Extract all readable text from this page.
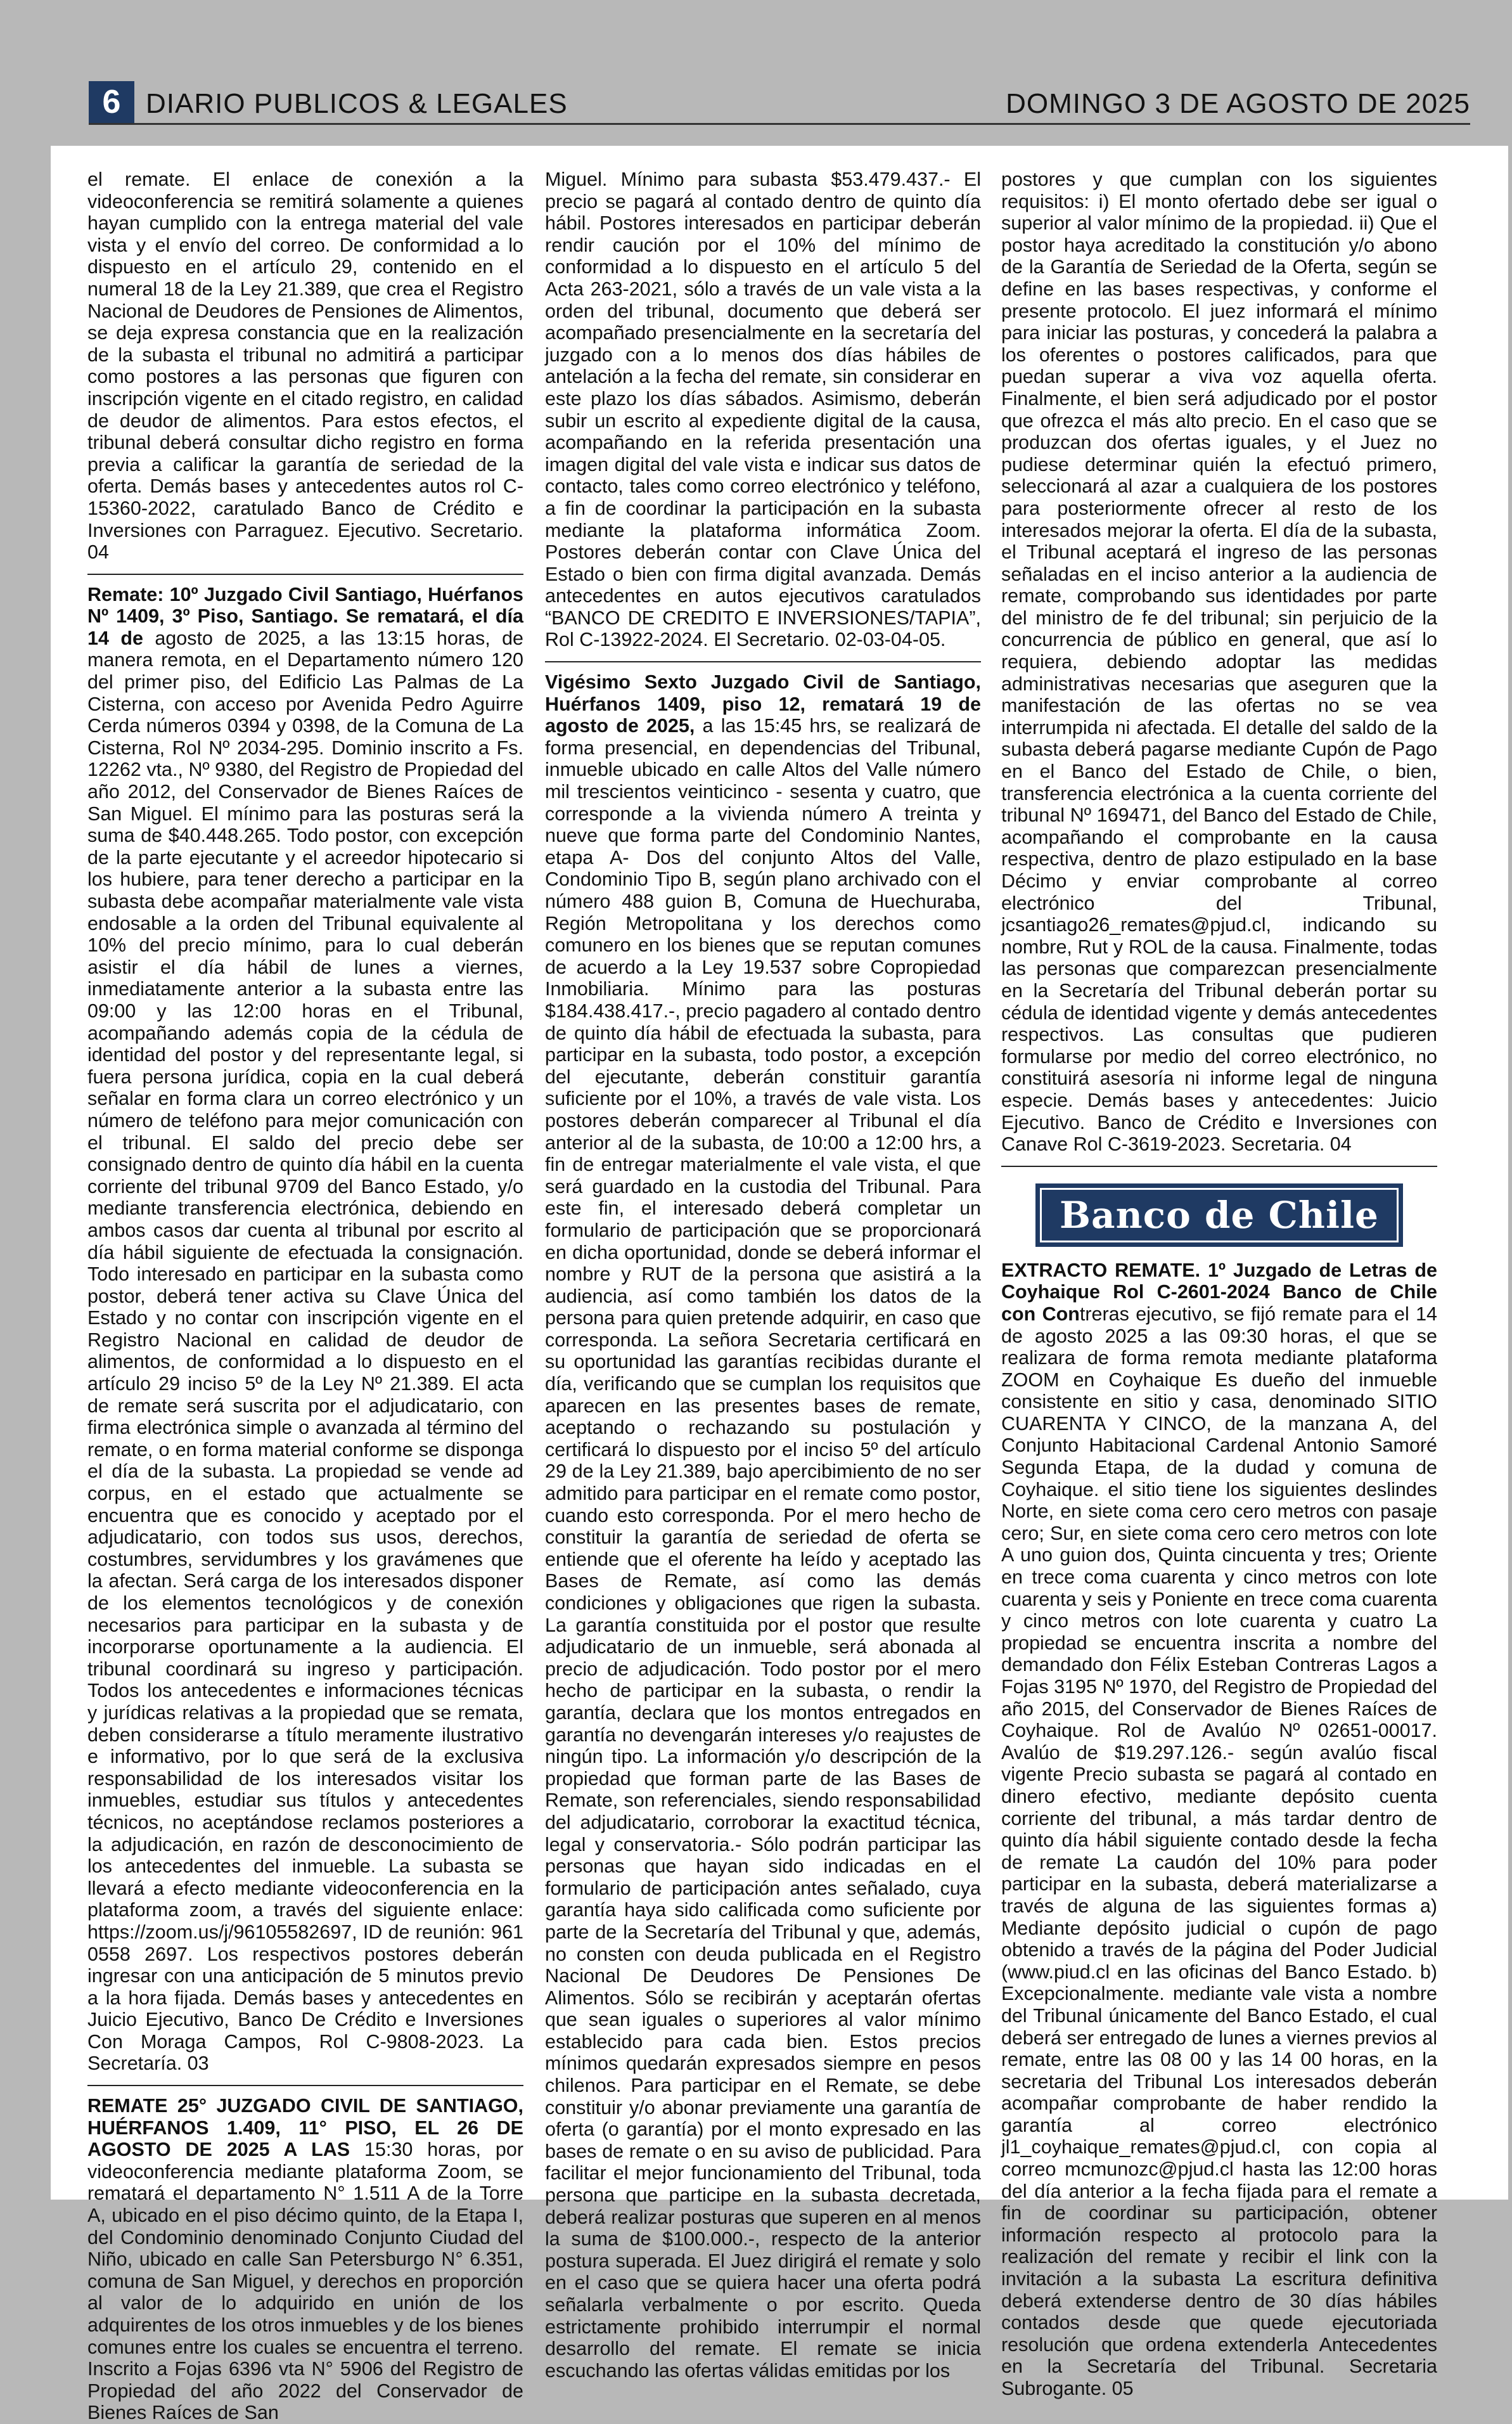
6 DIARIO PUBLICOS & LEGALES	DOMINGO 3 DE AGOSTO DE 2025

el remate. El enlace de conexión a la videoconferencia se remitirá solamente a quienes hayan cumplido con la entrega material del vale vista y el envío del correo. De conformidad a lo dispuesto en el artículo 29, contenido en el numeral 18 de la Ley 21.389, que crea el Registro Nacional de Deudores de Pensiones de Alimentos, se deja expresa constancia que en la realización de la subasta el tribunal no admitirá a participar como postores a las personas que figuren con inscripción vigente en el citado registro, en calidad de deudor de alimentos. Para estos efectos, el tribunal deberá consultar dicho registro en forma previa a calificar la garantía de seriedad de la oferta. Demás bases y antecedentes autos rol C-15360-2022, caratulado Banco de Crédito e Inversiones con Parraguez. Ejecutivo. Secretario. 04

Remate: 10º Juzgado Civil Santiago, Huérfanos Nº 1409, 3º Piso, Santiago. Se rematará, el día 14 de agosto de 2025, a las 13:15 horas, de manera remota, en el Departamento número 120 del primer piso, del Edificio Las Palmas de La Cisterna, con acceso por Avenida Pedro Aguirre Cerda números 0394 y 0398, de la Comuna de La Cisterna, Rol Nº 2034-295. Dominio inscrito a Fs. 12262 vta., Nº 9380, del Registro de Propiedad del año 2012, del Conservador de Bienes Raíces de San Miguel. El mínimo para las posturas será la suma de $40.448.265. Todo postor, con excepción de la parte ejecutante y el acreedor hipotecario si los hubiere, para tener derecho a participar en la subasta debe acompañar materialmente vale vista endosable a la orden del Tribunal equivalente al 10% del precio mínimo, para lo cual deberán asistir el día hábil de lunes a viernes, inmediatamente anterior a la subasta entre las 09:00 y las 12:00 horas en el Tribunal, acompañando además copia de la cédula de identidad del postor y del representante legal, si fuera persona jurídica, copia en la cual deberá señalar en forma clara un correo electrónico y un número de teléfono para mejor comunicación con el tribunal. El saldo del precio debe ser consignado dentro de quinto día hábil en la cuenta corriente del tribunal 9709 del Banco Estado, y/o mediante transferencia electrónica, debiendo en ambos casos dar cuenta al tribunal por escrito al día hábil siguiente de efectuada la consignación. Todo interesado en participar en la subasta como postor, deberá tener activa su Clave Única del Estado y no contar con inscripción vigente en el Registro Nacional en calidad de deudor de alimentos, de conformidad a lo dispuesto en el artículo 29 inciso 5º de la Ley Nº 21.389. El acta de remate será suscrita por el adjudicatario, con firma electrónica simple o avanzada al término del remate, o en forma material conforme se disponga el día de la subasta. La propiedad se vende ad corpus, en el estado que actualmente se encuentra que es conocido y aceptado por el adjudicatario, con todos sus usos, derechos, costumbres, servidumbres y los gravámenes que la afectan. Será carga de los interesados disponer de los elementos tecnológicos y de conexión necesarios para participar en la subasta y de incorporarse oportunamente a la audiencia. El tribunal coordinará su ingreso y participación. Todos los antecedentes e informaciones técnicas y jurídicas relativas a la propiedad que se remata, deben considerarse a título meramente ilustrativo e informativo, por lo que será de la exclusiva responsabilidad de los interesados visitar los inmuebles, estudiar sus títulos y antecedentes técnicos, no aceptándose reclamos posteriores a la adjudicación, en razón de desconocimiento de los antecedentes del inmueble. La subasta se llevará a efecto mediante videoconferencia en la plataforma zoom, a través del siguiente enlace: https://zoom.us/j/96105582697, ID de reunión: 961 0558 2697. Los respectivos postores deberán ingresar con una anticipación de 5 minutos previo a la hora fijada. Demás bases y antecedentes en Juicio Ejecutivo, Banco De Crédito e Inversiones Con Moraga Campos, Rol C-9808-2023. La Secretaría. 03

REMATE 25° JUZGADO CIVIL DE SANTIAGO, HUÉRFANOS 1.409, 11° PISO, EL 26 DE AGOSTO DE 2025 A LAS 15:30 horas, por videoconferencia mediante plataforma Zoom, se rematará el departamento N° 1.511 A de la Torre A, ubicado en el piso décimo quinto, de la Etapa I, del Condominio denominado Conjunto Ciudad del Niño, ubicado en calle San Petersburgo N° 6.351, comuna de San Miguel, y derechos en proporción al valor de lo adquirido en unión de los adquirentes de los otros inmuebles y de los bienes comunes entre los cuales se encuentra el terreno. Inscrito a Fojas 6396 vta N° 5906 del Registro de Propiedad del año 2022 del Conservador de Bienes Raíces de San

Miguel. Mínimo para subasta $53.479.437.- El precio se pagará al contado dentro de quinto día hábil. Postores interesados en participar deberán rendir caución por el 10% del mínimo de conformidad a lo dispuesto en el artículo 5 del Acta 263-2021, sólo a través de un vale vista a la orden del tribunal, documento que deberá ser acompañado presencialmente en la secretaría del juzgado con a lo menos dos días hábiles de antelación a la fecha del remate, sin considerar en este plazo los días sábados. Asimismo, deberán subir un escrito al expediente digital de la causa, acompañando en la referida presentación una imagen digital del vale vista e indicar sus datos de contacto, tales como correo electrónico y teléfono, a fin de coordinar la participación en la subasta mediante la plataforma informática Zoom. Postores deberán contar con Clave Única del Estado o bien con firma digital avanzada. Demás antecedentes en autos ejecutivos caratulados “BANCO DE CREDITO E INVERSIONES/TAPIA”, Rol C-13922-2024. El Secretario. 02-03-04-05.

Vigésimo Sexto Juzgado Civil de Santiago, Huérfanos 1409, piso 12, rematará 19 de agosto de 2025, a las 15:45 hrs, se realizará de forma presencial, en dependencias del Tribunal, inmueble ubicado en calle Altos del Valle número mil trescientos veinticinco - sesenta y cuatro, que corresponde a la vivienda número A treinta y nueve que forma parte del Condominio Nantes, etapa A- Dos del conjunto Altos del Valle, Condominio Tipo B, según plano archivado con el número 488 guion B, Comuna de Huechuraba, Región Metropolitana y los derechos como comunero en los bienes que se reputan comunes de acuerdo a la Ley 19.537 sobre Copropiedad Inmobiliaria. Mínimo para las posturas $184.438.417.-, precio pagadero al contado dentro de quinto día hábil de efectuada la subasta, para participar en la subasta, todo postor, a excepción del ejecutante, deberán constituir garantía suficiente por el 10%, a través de vale vista. Los postores deberán comparecer al Tribunal el día anterior al de la subasta, de 10:00 a 12:00 hrs, a fin de entregar materialmente el vale vista, el que será guardado en la custodia del Tribunal. Para este fin, el interesado deberá completar un formulario de participación que se proporcionará en dicha oportunidad, donde se deberá informar el nombre y RUT de la persona que asistirá a la audiencia, así como también los datos de la persona para quien pretende adquirir, en caso que corresponda. La señora Secretaria certificará en su oportunidad las garantías recibidas durante el día, verificando que se cumplan los requisitos que aparecen en las presentes bases de remate, aceptando o rechazando su postulación y certificará lo dispuesto por el inciso 5º del artículo 29 de la Ley 21.389, bajo apercibimiento de no ser admitido para participar en el remate como postor, cuando esto corresponda. Por el mero hecho de constituir la garantía de seriedad de oferta se entiende que el oferente ha leído y aceptado las Bases de Remate, así como las demás condiciones y obligaciones que rigen la subasta. La garantía constituida por el postor que resulte adjudicatario de un inmueble, será abonada al precio de adjudicación. Todo postor por el mero hecho de participar en la subasta, o rendir la garantía, declara que los montos entregados en garantía no devengarán intereses y/o reajustes de ningún tipo. La información y/o descripción de la propiedad que forman parte de las Bases de Remate, son referenciales, siendo responsabilidad del adjudicatario, corroborar la exactitud técnica, legal y conservatoria.- Sólo podrán participar las personas que hayan sido indicadas en el formulario de participación antes señalado, cuya garantía haya sido calificada como suficiente por parte de la Secretaría del Tribunal y que, además, no consten con deuda publicada en el Registro Nacional De Deudores De Pensiones De Alimentos. Sólo se recibirán y aceptarán ofertas que sean iguales o superiores al valor mínimo establecido para cada bien. Estos precios mínimos quedarán expresados siempre en pesos chilenos. Para participar en el Remate, se debe constituir y/o abonar previamente una garantía de oferta (o garantía) por el monto expresado en las bases de remate o en su aviso de publicidad. Para facilitar el mejor funcionamiento del Tribunal, toda persona que participe en la subasta decretada, deberá realizar posturas que superen en al menos la suma de $100.000.-, respecto de la anterior postura superada. El Juez dirigirá el remate y solo en el caso que se quiera hacer una oferta podrá señalarla verbalmente o por escrito. Queda estrictamente prohibido interrumpir el normal desarrollo del remate. El remate se inicia escuchando las ofertas válidas emitidas por los

postores y que cumplan con los siguientes requisitos: i) El monto ofertado debe ser igual o superior al valor mínimo de la propiedad. ii) Que el postor haya acreditado la constitución y/o abono de la Garantía de Seriedad de la Oferta, según se define en las bases respectivas, y conforme el presente protocolo. El juez informará el mínimo para iniciar las posturas, y concederá la palabra a los oferentes o postores calificados, para que puedan superar a viva voz aquella oferta. Finalmente, el bien será adjudicado por el postor que ofrezca el más alto precio. En el caso que se produzcan dos ofertas iguales, y el Juez no pudiese determinar quién la efectuó primero, seleccionará al azar a cualquiera de los postores para posteriormente ofrecer al resto de los interesados mejorar la oferta. El día de la subasta, el Tribunal aceptará el ingreso de las personas señaladas en el inciso anterior a la audiencia de remate, comprobando sus identidades por parte del ministro de fe del tribunal; sin perjuicio de la concurrencia de público en general, que así lo requiera, debiendo adoptar las medidas administrativas necesarias que aseguren que la manifestación de las ofertas no se vea interrumpida ni afectada. El detalle del saldo de la subasta deberá pagarse mediante Cupón de Pago en el Banco del Estado de Chile, o bien, transferencia electrónica a la cuenta corriente del tribunal Nº 169471, del Banco del Estado de Chile, acompañando el comprobante en la causa respectiva, dentro de plazo estipulado en la base Décimo y enviar comprobante al correo electrónico del Tribunal, jcsantiago26_remates@pjud.cl, indicando su nombre, Rut y ROL de la causa. Finalmente, todas las personas que comparezcan presencialmente en la Secretaría del Tribunal deberán portar su cédula de identidad vigente y demás antecedentes respectivos. Las consultas que pudieren formularse por medio del correo electrónico, no constituirá asesoría ni informe legal de ninguna especie. Demás bases y antecedentes: Juicio Ejecutivo. Banco de Crédito e Inversiones con Canave Rol C-3619-2023. Secretaria. 04

Banco de Chile

EXTRACTO REMATE. 1º Juzgado de Letras de Coyhaique Rol C-2601-2024 Banco de Chile con Contreras ejecutivo, se fijó remate para el 14 de agosto 2025 a las 09:30 horas, el que se realizara de forma remota mediante plataforma ZOOM en Coyhaique Es dueño del inmueble consistente en sitio y casa, denominado SITIO CUARENTA Y CINCO, de la manzana A, del Conjunto Habitacional Cardenal Antonio Samoré Segunda Etapa, de la dudad y comuna de Coyhaique. el sitio tiene los siguientes deslindes Norte, en siete coma cero cero metros con pasaje cero; Sur, en siete coma cero cero metros con lote A uno guion dos, Quinta cincuenta y tres; Oriente en trece coma cuarenta y cinco metros con lote cuarenta y seis y Poniente en trece coma cuarenta y cinco metros con lote cuarenta y cuatro La propiedad se encuentra inscrita a nombre del demandado don Félix Esteban Contreras Lagos a Fojas 3195 Nº 1970, del Registro de Propiedad del año 2015, del Conservador de Bienes Raíces de Coyhaique. Rol de Avalúo Nº 02651-00017. Avalúo de $19.297.126.- según avalúo fiscal vigente Precio subasta se pagará al contado en dinero efectivo, mediante depósito cuenta corriente del tribunal, a más tardar dentro de quinto día hábil siguiente contado desde la fecha de remate La caudón del 10% para poder participar en la subasta, deberá materializarse a través de alguna de las siguientes formas a) Mediante depósito judicial o cupón de pago obtenido a través de la página del Poder Judicial (www.piud.cl en las oficinas del Banco Estado. b) Excepcionalmente. mediante vale vista a nombre del Tribunal únicamente del Banco Estado, el cual deberá ser entregado de lunes a viernes previos al remate, entre las 08 00 y las 14 00 horas, en la secretaria del Tribunal Los interesados deberán acompañar comprobante de haber rendido la garantía al correo electrónico jl1_coyhaique_remates@pjud.cl, con copia al correo mcmunozc@pjud.cl hasta las 12:00 horas del día anterior a la fecha fijada para el remate a fin de coordinar su participación, obtener información respecto al protocolo para la realización del remate y recibir el link con la invitación a la subasta La escritura definitiva deberá extenderse dentro de 30 días hábiles contados desde que quede ejecutoriada resolución que ordena extenderla Antecedentes en la Secretaría del Tribunal. Secretaria Subrogante. 05
